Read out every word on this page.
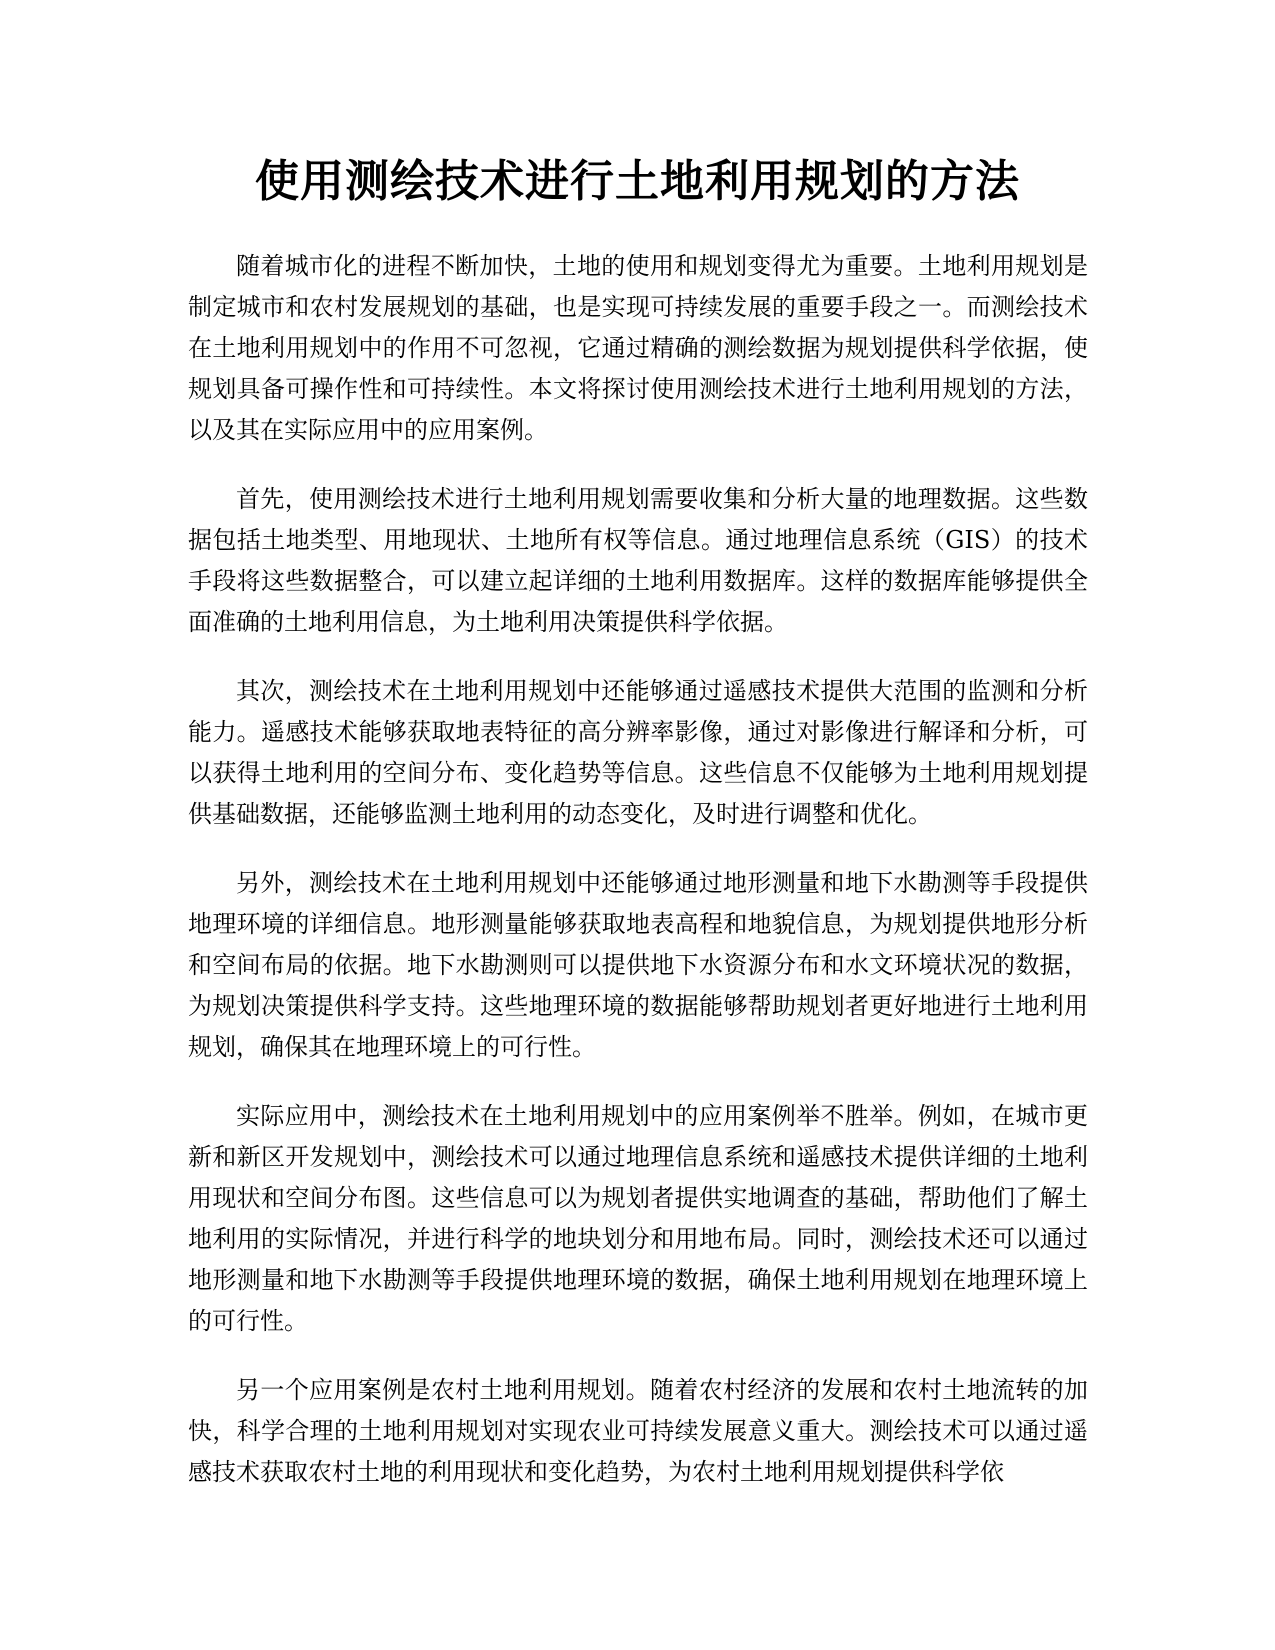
使用测绘技术进行土地利用规划的方法

随着城市化的进程不断加快，土地的使用和规划变得尤为重要。土地利用规划是制定城市和农村发展规划的基础，也是实现可持续发展的重要手段之一。而测绘技术在土地利用规划中的作用不可忽视，它通过精确的测绘数据为规划提供科学依据，使规划具备可操作性和可持续性。本文将探讨使用测绘技术进行土地利用规划的方法，以及其在实际应用中的应用案例。

首先，使用测绘技术进行土地利用规划需要收集和分析大量的地理数据。这些数据包括土地类型、用地现状、土地所有权等信息。通过地理信息系统（GIS）的技术手段将这些数据整合，可以建立起详细的土地利用数据库。这样的数据库能够提供全面准确的土地利用信息，为土地利用决策提供科学依据。

其次，测绘技术在土地利用规划中还能够通过遥感技术提供大范围的监测和分析能力。遥感技术能够获取地表特征的高分辨率影像，通过对影像进行解译和分析，可以获得土地利用的空间分布、变化趋势等信息。这些信息不仅能够为土地利用规划提供基础数据，还能够监测土地利用的动态变化，及时进行调整和优化。

另外，测绘技术在土地利用规划中还能够通过地形测量和地下水勘测等手段提供地理环境的详细信息。地形测量能够获取地表高程和地貌信息，为规划提供地形分析和空间布局的依据。地下水勘测则可以提供地下水资源分布和水文环境状况的数据，为规划决策提供科学支持。这些地理环境的数据能够帮助规划者更好地进行土地利用规划，确保其在地理环境上的可行性。

实际应用中，测绘技术在土地利用规划中的应用案例举不胜举。例如，在城市更新和新区开发规划中，测绘技术可以通过地理信息系统和遥感技术提供详细的土地利用现状和空间分布图。这些信息可以为规划者提供实地调查的基础，帮助他们了解土地利用的实际情况，并进行科学的地块划分和用地布局。同时，测绘技术还可以通过地形测量和地下水勘测等手段提供地理环境的数据，确保土地利用规划在地理环境上的可行性。

另一个应用案例是农村土地利用规划。随着农村经济的发展和农村土地流转的加快，科学合理的土地利用规划对实现农业可持续发展意义重大。测绘技术可以通过遥感技术获取农村土地的利用现状和变化趋势，为农村土地利用规划提供科学依
